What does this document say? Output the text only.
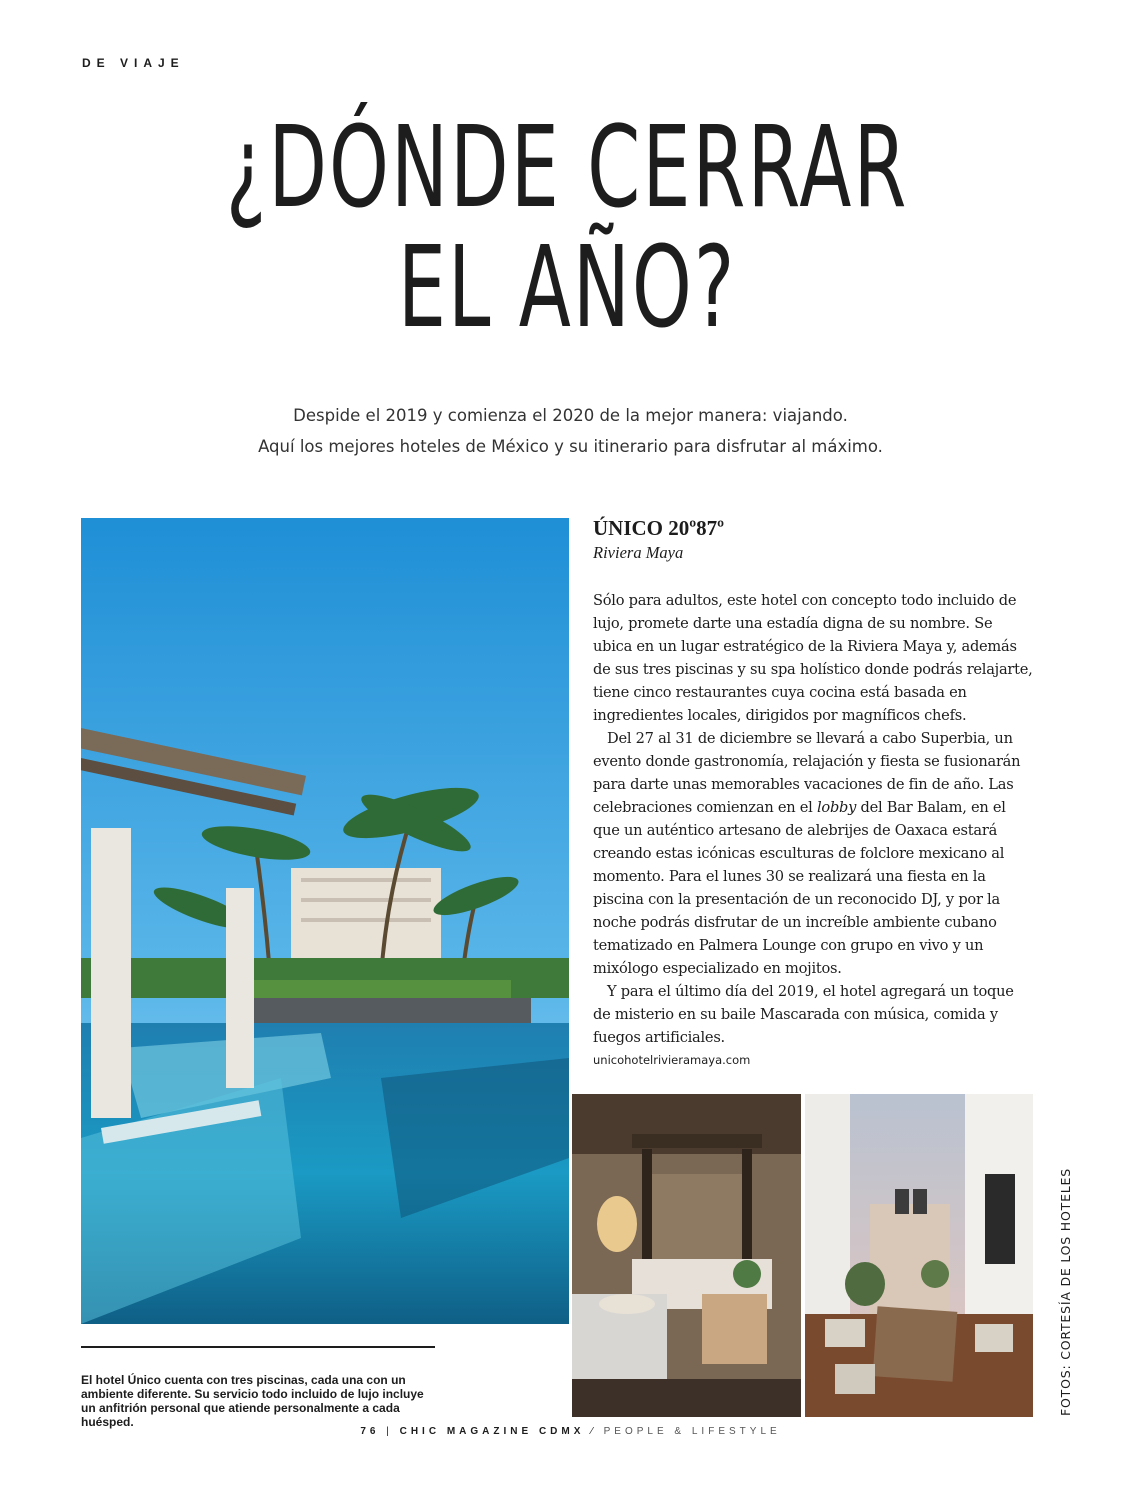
DE VIAJE
¿DÓNDE CERRAR
EL AÑO?
Despide el 2019 y comienza el 2020 de la mejor manera: viajando.
Aquí los mejores hoteles de México y su itinerario para disfrutar al máximo.

El hotel Único cuenta con tres piscinas, cada una con un ambiente diferente. Su servicio todo incluido de lujo incluye un anfitrión personal que atiende personalmente a cada huésped.

ÚNICO 20º87º
Riviera Maya

Sólo para adultos, este hotel con concepto todo incluido de lujo, promete darte una estadía digna de su nombre. Se ubica en un lugar estratégico de la Riviera Maya y, además de sus tres piscinas y su spa holístico donde podrás relajarte, tiene cinco restaurantes cuya cocina está basada en ingredientes locales, dirigidos por magníficos chefs.

Del 27 al 31 de diciembre se llevará a cabo Superbia, un evento donde gastronomía, relajación y fiesta se fusionarán para darte unas memorables vacaciones de fin de año. Las celebraciones comienzan en el lobby del Bar Balam, en el que un auténtico artesano de alebrijes de Oaxaca estará creando estas icónicas esculturas de folclore mexicano al momento. Para el lunes 30 se realizará una fiesta en la piscina con la presentación de un reconocido DJ, y por la noche podrás disfrutar de un increíble ambiente cubano tematizado en Palmera Lounge con grupo en vivo y un mixólogo especializado en mojitos.

Y para el último día del 2019, el hotel agregará un toque de misterio en su baile Mascarada con música, comida y fuegos artificiales.

unicohotelrivieramaya.com
FOTOS: CORTESÍA DE LOS HOTELES
76 | CHIC MAGAZINE CDMX ⁄ PEOPLE & LIFESTYLE
